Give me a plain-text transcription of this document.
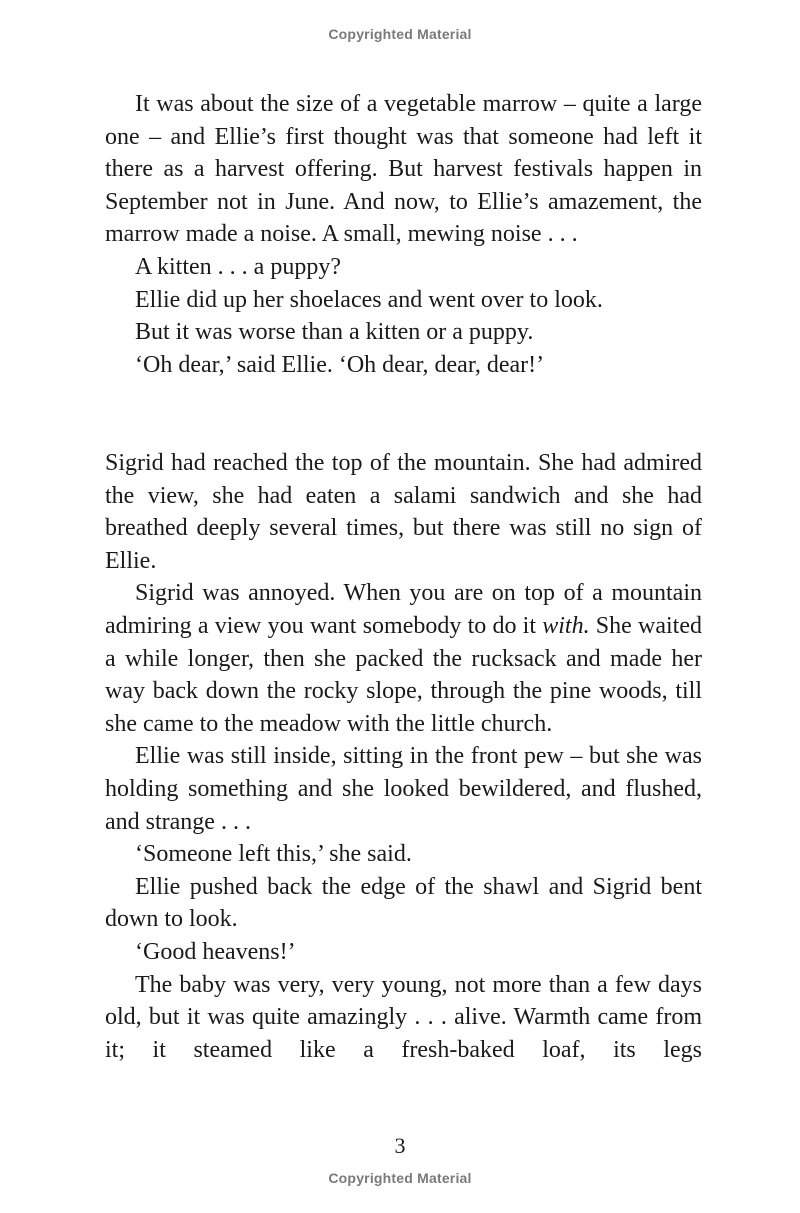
Copyrighted Material

It was about the size of a vegetable marrow – quite a large one – and Ellie’s first thought was that someone had left it there as a harvest offering. But harvest festivals happen in September not in June. And now, to Ellie’s amazement, the marrow made a noise. A small, mewing noise . . .

A kitten . . . a puppy?

Ellie did up her shoelaces and went over to look.

But it was worse than a kitten or a puppy.

‘Oh dear,’ said Ellie. ‘Oh dear, dear, dear!’

Sigrid had reached the top of the mountain. She had admired the view, she had eaten a salami sandwich and she had breathed deeply several times, but there was still no sign of Ellie.

Sigrid was annoyed. When you are on top of a mountain admiring a view you want somebody to do it with. She waited a while longer, then she packed the rucksack and made her way back down the rocky slope, through the pine woods, till she came to the meadow with the little church.

Ellie was still inside, sitting in the front pew – but she was holding something and she looked bewildered, and flushed, and strange . . .

‘Someone left this,’ she said.

Ellie pushed back the edge of the shawl and Sigrid bent down to look.

‘Good heavens!’

The baby was very, very young, not more than a few days old, but it was quite amazingly . . . alive. Warmth came from it; it steamed like a fresh-baked loaf, its legs

3
Copyrighted Material
